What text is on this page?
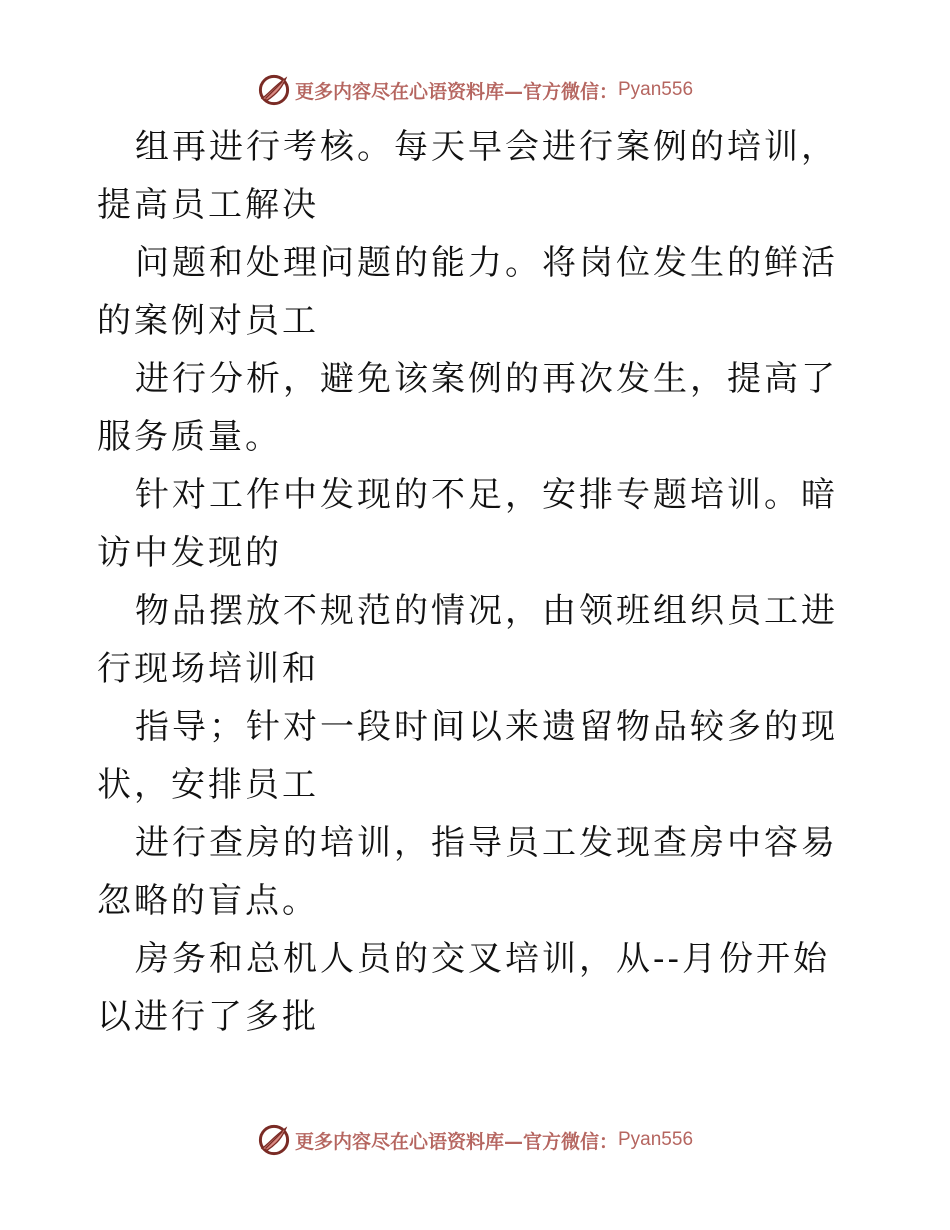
更多内容尽在心语资料库—官方微信： Pyan556

组再进行考核。每天早会进行案例的培训，提高员工解决

问题和处理问题的能力。将岗位发生的鲜活的案例对员工

进行分析，避免该案例的再次发生，提高了服务质量。

针对工作中发现的不足，安排专题培训。暗访中发现的

物品摆放不规范的情况，由领班组织员工进行现场培训和

指导；针对一段时间以来遗留物品较多的现状，安排员工

进行查房的培训，指导员工发现查房中容易忽略的盲点。

房务和总机人员的交叉培训，从--月份开始以进行了多批

更多内容尽在心语资料库—官方微信： Pyan556
